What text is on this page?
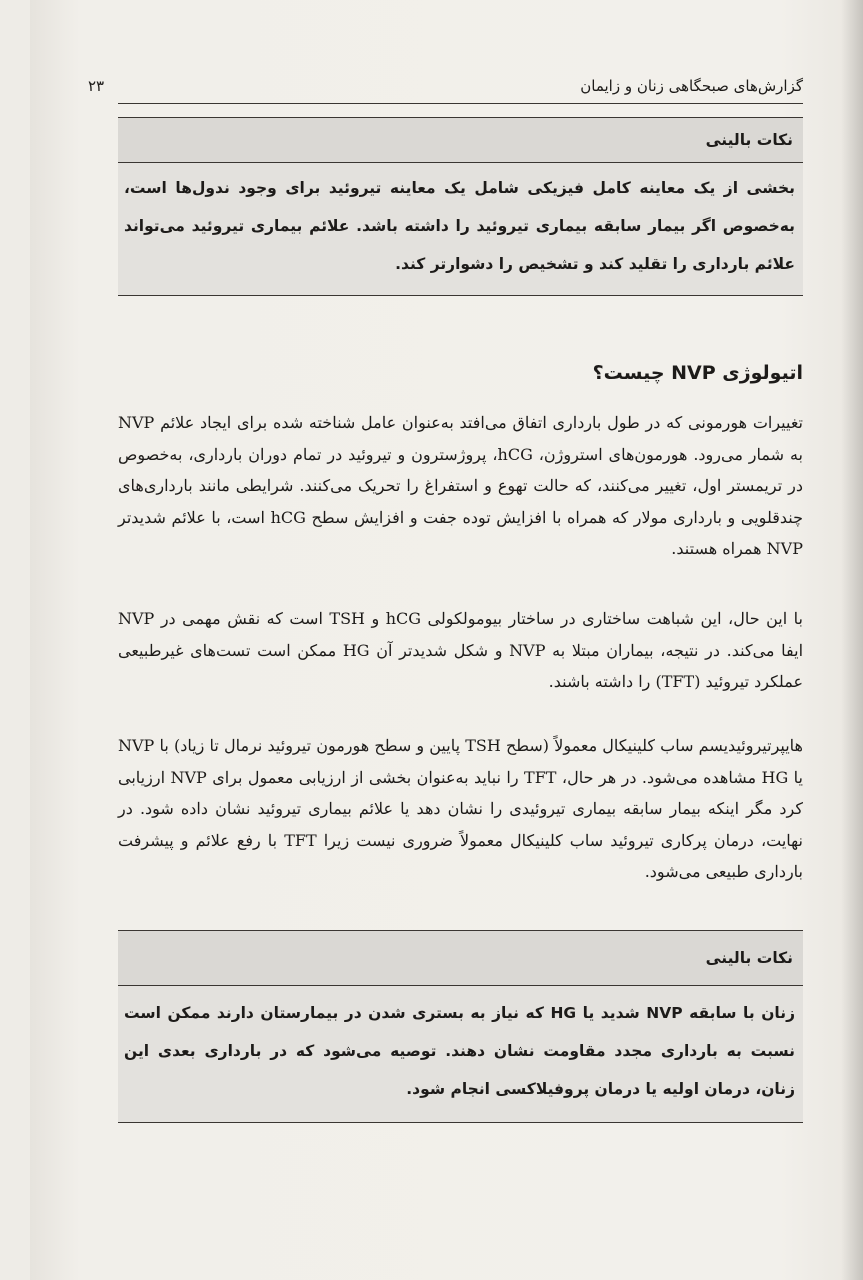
گزارش‌های صبحگاهی زنان و زایمان
۲۳
نکات بالینی
بخشی از یک معاینه کامل فیزیکی شامل یک معاینه تیروئید برای وجود ندول‌ها است، به‌خصوص اگر بیمار سابقه بیماری تیروئید را داشته باشد. علائم بیماری تیروئید می‌تواند علائم بارداری را تقلید کند و تشخیص را دشوارتر کند.
اتیولوژی NVP چیست؟

تغییرات هورمونی که در طول بارداری اتفاق می‌افتد به‌عنوان عامل شناخته شده برای ایجاد علائم NVP به شمار می‌رود. هورمون‌های استروژن، hCG، پروژسترون و تیروئید در تمام دوران بارداری، به‌خصوص در تریمستر اول، تغییر می‌کنند، که حالت تهوع و استفراغ را تحریک می‌کنند. شرایطی مانند بارداری‌های چندقلویی و بارداری مولار که همراه با افزایش توده جفت و افزایش سطح hCG است، با علائم شدیدتر NVP همراه هستند.

با این حال، این شباهت ساختاری در ساختار بیومولکولی hCG و TSH است که نقش مهمی در NVP ایفا می‌کند. در نتیجه، بیماران مبتلا به NVP و شکل شدیدتر آن HG ممکن است تست‌های غیرطبیعی عملکرد تیروئید (TFT) را داشته باشند.

هایپرتیروئیدیسم ساب کلینیکال معمولاً (سطح TSH پایین و سطح هورمون تیروئید نرمال تا زیاد) با NVP یا HG مشاهده می‌شود. در هر حال، TFT را نباید به‌عنوان بخشی از ارزیابی معمول برای NVP ارزیابی کرد مگر اینکه بیمار سابقه بیماری تیروئیدی را نشان دهد یا علائم بیماری تیروئید نشان داده شود. در نهایت، درمان پرکاری تیروئید ساب کلینیکال معمولاً ضروری نیست زیرا TFT با رفع علائم و پیشرفت بارداری طبیعی می‌شود.

نکات بالینی
زنان با سابقه NVP شدید یا HG که نیاز به بستری شدن در بیمارستان دارند ممکن است نسبت به بارداری مجدد مقاومت نشان دهند. توصیه می‌شود که در بارداری بعدی این زنان، درمان اولیه یا درمان پروفیلاکسی انجام شود.
